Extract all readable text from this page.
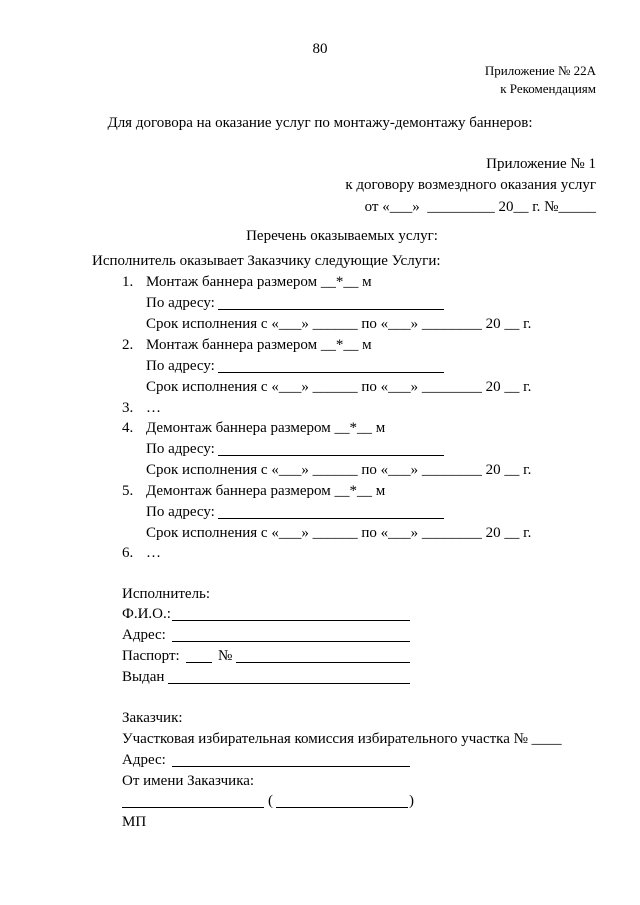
80
Приложение № 22А
к Рекомендациям
Для договора на оказание услуг по монтажу-демонтажу баннеров:
Приложение № 1
к договору возмездного оказания услуг
от «___»  _________ 20__ г. №_____
Перечень оказываемых услуг:
Исполнитель оказывает Заказчику следующие Услуги:
1. Монтаж баннера размером __*__ м
По адресу:
Срок исполнения с «___» ______ по «___» ________ 20 __ г.
2. Монтаж баннера размером __*__ м
По адресу:
Срок исполнения с «___» ______ по «___» ________ 20 __ г.
3. …
4. Демонтаж баннера размером __*__ м
По адресу:
Срок исполнения с «___» ______ по «___» ________ 20 __ г.
5. Демонтаж баннера размером __*__ м
По адресу:
Срок исполнения с «___» ______ по «___» ________ 20 __ г.
6. …
Исполнитель:
Ф.И.О.:
Адрес:
Паспорт:	№
Выдан
Заказчик:
Участковая избирательная комиссия избирательного участка № ____
Адрес:
От имени Заказчика:
(	)
МП
